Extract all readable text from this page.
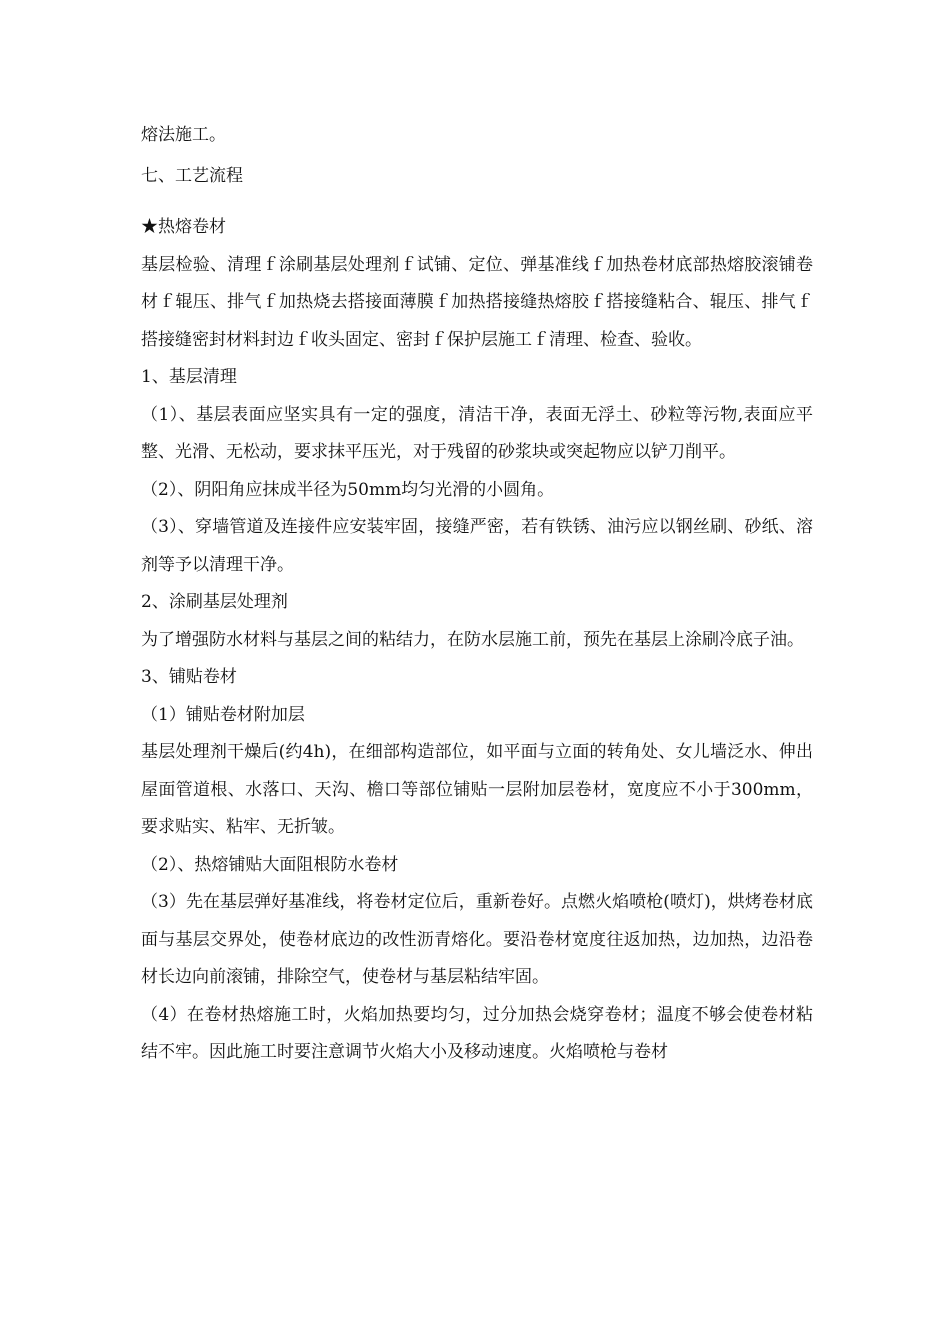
熔法施工。

七、工艺流程

★热熔卷材

基层检验、清理ｆ涂刷基层处理剂ｆ试铺、定位、弹基准线ｆ加热卷材底部热熔胶滚铺卷材ｆ辊压、排气ｆ加热烧去搭接面薄膜ｆ加热搭接缝热熔胶ｆ搭接缝粘合、辊压、排气ｆ搭接缝密封材料封边ｆ收头固定、密封ｆ保护层施工ｆ清理、检查、验收。

1、基层清理

（1）、基层表面应坚实具有一定的强度，清洁干净，表面无浮土、砂粒等污物,表面应平整、光滑、无松动，要求抹平压光，对于残留的砂浆块或突起物应以铲刀削平。

（2）、阴阳角应抹成半径为50mm均匀光滑的小圆角。

（3）、穿墙管道及连接件应安装牢固，接缝严密，若有铁锈、油污应以钢丝刷、砂纸、溶剂等予以清理干净。

2、涂刷基层处理剂

为了增强防水材料与基层之间的粘结力，在防水层施工前，预先在基层上涂刷冷底子油。

3、铺贴卷材

（1）铺贴卷材附加层

基层处理剂干燥后(约4h)，在细部构造部位，如平面与立面的转角处、女儿墙泛水、伸出屋面管道根、水落口、天沟、檐口等部位铺贴一层附加层卷材，宽度应不小于300mm，要求贴实、粘牢、无折皱。

（2）、热熔铺贴大面阻根防水卷材

（3）先在基层弹好基准线，将卷材定位后，重新卷好。点燃火焰喷枪(喷灯)，烘烤卷材底面与基层交界处，使卷材底边的改性沥青熔化。要沿卷材宽度往返加热，边加热，边沿卷材长边向前滚铺，排除空气，使卷材与基层粘结牢固。

（4）在卷材热熔施工时，火焰加热要均匀，过分加热会烧穿卷材；温度不够会使卷材粘结不牢。因此施工时要注意调节火焰大小及移动速度。火焰喷枪与卷材
